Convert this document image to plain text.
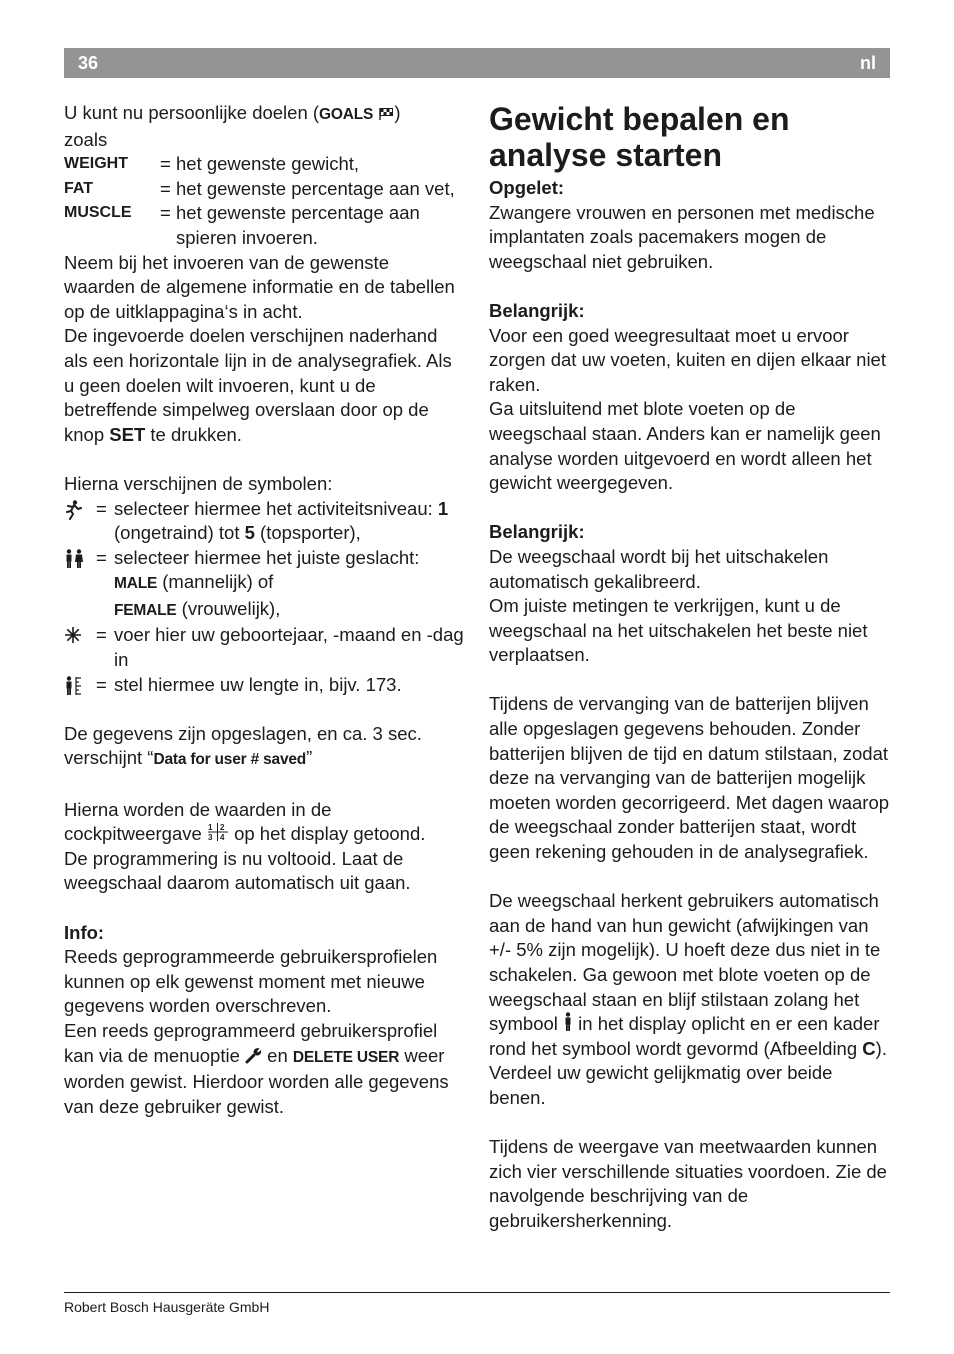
36	nl

U kunt nu persoonlijke doelen (GOALS )

zoals

WEIGHT	= het gewenste gewicht,
FAT	= het gewenste percentage aan vet,
MUSCLE	= het gewenste percentage aan spieren invoeren.

Neem bij het invoeren van de gewenste waarden de algemene informatie en de tabellen op de uitklappagina‘s in acht.

De ingevoerde doelen verschijnen naderhand als een horizontale lijn in de analysegrafiek. Als u geen doelen wilt invoeren, kunt u de betreffende simpelweg overslaan door op de knop SET te drukken.

Hierna verschijnen de symbolen:

= selecteer hiermee het activiteitsniveau: 1 (ongetraind) tot 5 (topsporter),
= selecteer hiermee het juiste geslacht:
MALE (mannelijk) of
FEMALE (vrouwelijk),
= voer hier uw geboortejaar, -maand en -dag in
= stel hiermee uw lengte in, bijv. 173.

De gegevens zijn opgeslagen, en ca. 3 sec. verschijnt “Data for user # saved”

Hierna worden de waarden in de cockpitweergave 1 2
3 4 op het display getoond.

De programmering is nu voltooid. Laat de weegschaal daarom automatisch uit gaan.

Info:

Reeds geprogrammeerde gebruikersprofielen kunnen op elk gewenst moment met nieuwe gegevens worden overschreven.

Een reeds geprogrammeerd gebruikersprofiel kan via de menuoptie  en DELETE USER weer worden gewist. Hierdoor worden alle gegevens van deze gebruiker gewist.

Gewicht bepalen en analyse starten

Opgelet:

Zwangere vrouwen en personen met medische implantaten zoals pacemakers mogen de weegschaal niet gebruiken.

Belangrijk:

Voor een goed weegresultaat moet u ervoor zorgen dat uw voeten, kuiten en dijen elkaar niet raken.

Ga uitsluitend met blote voeten op de weegschaal staan. Anders kan er namelijk geen analyse worden uitgevoerd en wordt alleen het gewicht weergegeven.

Belangrijk:

De weegschaal wordt bij het uitschakelen automatisch gekalibreerd.

Om juiste metingen te verkrijgen, kunt u de weegschaal na het uitschakelen het beste niet verplaatsen.

Tijdens de vervanging van de batterijen blijven alle opgeslagen gegevens behouden. Zonder batterijen blijven de tijd en datum stilstaan, zodat deze na vervanging van de batterijen mogelijk moeten worden gecorrigeerd. Met dagen waarop de weegschaal zonder batterijen staat, wordt geen rekening gehouden in de analysegrafiek.

De weegschaal herkent gebruikers automatisch aan de hand van hun gewicht (afwijkingen van +/- 5% zijn mogelijk). U hoeft deze dus niet in te schakelen. Ga gewoon met blote voeten op de weegschaal staan en blijf stilstaan zolang het symbool  in het display oplicht en er een kader rond het symbool wordt gevormd (Afbeelding C). Verdeel uw gewicht gelijkmatig over beide benen.

Tijdens de weergave van meetwaarden kunnen zich vier verschillende situaties voordoen. Zie de navolgende beschrijving van de gebruikersherkenning.

Robert Bosch Hausgeräte GmbH
